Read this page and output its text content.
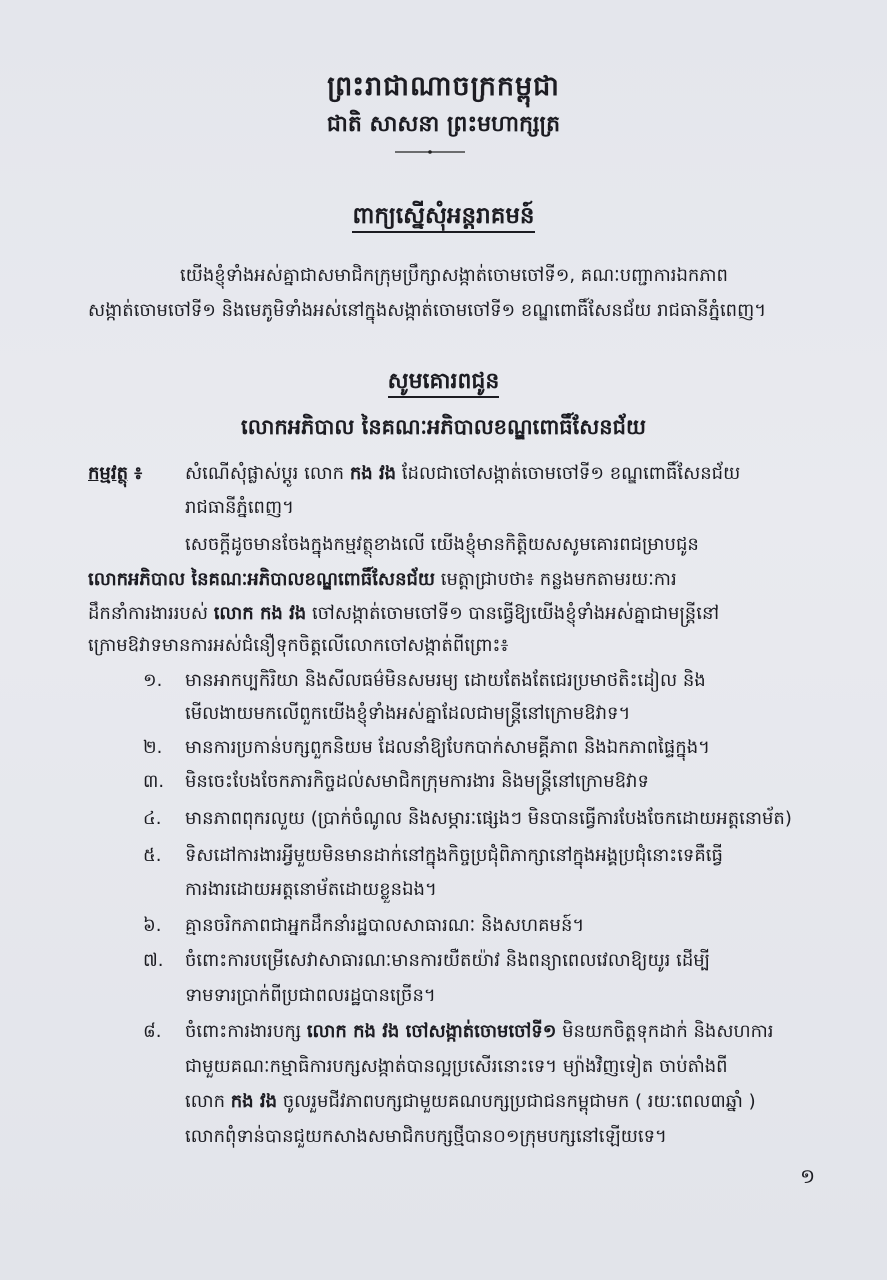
ព្រះរាជាណាចក្រកម្ពុជា
ជាតិ សាសនា ព្រះមហាក្សត្រ
ពាក្យស្នើសុំអន្តរាគមន៍
យើងខ្ញុំទាំងអស់គ្នាជាសមាជិកក្រុមប្រឹក្សាសង្កាត់ចោមចៅទី១, គណៈបញ្ជាការឯកភាព
សង្កាត់ចោមចៅទី១ និងមេភូមិទាំងអស់នៅក្នុងសង្កាត់ចោមចៅទី១ ខណ្ឌពោធិ៍សែនជ័យ រាជធានីភ្នំពេញ។
សូមគោរពជូន
លោកអភិបាល នៃគណៈអភិបាលខណ្ឌពោធិ៍សែនជ័យ
កម្មវត្ថុ ៖ សំណើសុំផ្លាស់ប្តូរ លោក កង វង ដែលជាចៅសង្កាត់ចោមចៅទី១ ខណ្ឌពោធិ៍សែនជ័យ
រាជធានីភ្នំពេញ។
សេចក្តីដូចមានចែងក្នុងកម្មវត្ថុខាងលើ យើងខ្ញុំមានកិត្តិយសសូមគោរពជម្រាបជូន
លោកអភិបាល នៃគណៈអភិបាលខណ្ឌពោធិ៍សែនជ័យ មេត្តាជ្រាបថា៖ កន្លងមកតាមរយៈការ
ដឹកនាំការងាររបស់ លោក កង វង ចៅសង្កាត់ចោមចៅទី១ បានធ្វើឱ្យយើងខ្ញុំទាំងអស់គ្នាជាមន្ត្រីនៅ
ក្រោមឱវាទមានការអស់ជំនឿទុកចិត្តលើលោកចៅសង្កាត់ពីព្រោះ៖
១. មានអាកប្បកិរិយា និងសីលធម៌មិនសមរម្យ ដោយតែងតែជេរប្រមាថតិះដៀល និង
មើលងាយមកលើពួកយើងខ្ញុំទាំងអស់គ្នាដែលជាមន្ត្រីនៅក្រោមឱវាទ។
២. មានការប្រកាន់បក្សពួកនិយម ដែលនាំឱ្យបែកបាក់សាមគ្គីភាព និងឯកភាពផ្ទៃក្នុង។
៣. មិនចេះបែងចែកភារកិច្ចដល់សមាជិកក្រុមការងារ និងមន្ត្រីនៅក្រោមឱវាទ
៤. មានភាពពុករលួយ (ប្រាក់ចំណូល និងសម្ភារៈផ្សេងៗ មិនបានធ្វើការបែងចែកដោយអត្តនោម័ត)
៥. ទិសដៅការងារអ្វីមួយមិនមានដាក់នៅក្នុងកិច្ចប្រជុំពិភាក្សានៅក្នុងអង្គប្រជុំនោះទេគឺធ្វើ
ការងារដោយអត្តនោម័តដោយខ្លួនឯង។
៦. គ្មានចរិកភាពជាអ្នកដឹកនាំរដ្ឋបាលសាធារណៈ និងសហគមន៍។
៧. ចំពោះការបម្រើសេវាសាធារណៈមានការយឺតយ៉ាវ និងពន្យាពេលវេលាឱ្យយូរ ដើម្បី
ទាមទារប្រាក់ពីប្រជាពលរដ្ឋបានច្រើន។
៨. ចំពោះការងារបក្ស លោក កង វង ចៅសង្កាត់ចោមចៅទី១ មិនយកចិត្តទុកដាក់ និងសហការ
ជាមួយគណៈកម្មាធិការបក្សសង្កាត់បានល្អប្រសើរនោះទេ។ ម្យ៉ាងវិញទៀត ចាប់តាំងពី
លោក កង វង ចូលរួមជីវភាពបក្សជាមួយគណបក្សប្រជាជនកម្ពុជាមក ( រយៈពេល៣ឆ្នាំ )
លោកពុំទាន់បានជួយកសាងសមាជិកបក្សថ្មីបាន០១ក្រុមបក្សនៅឡើយទេ។
១
